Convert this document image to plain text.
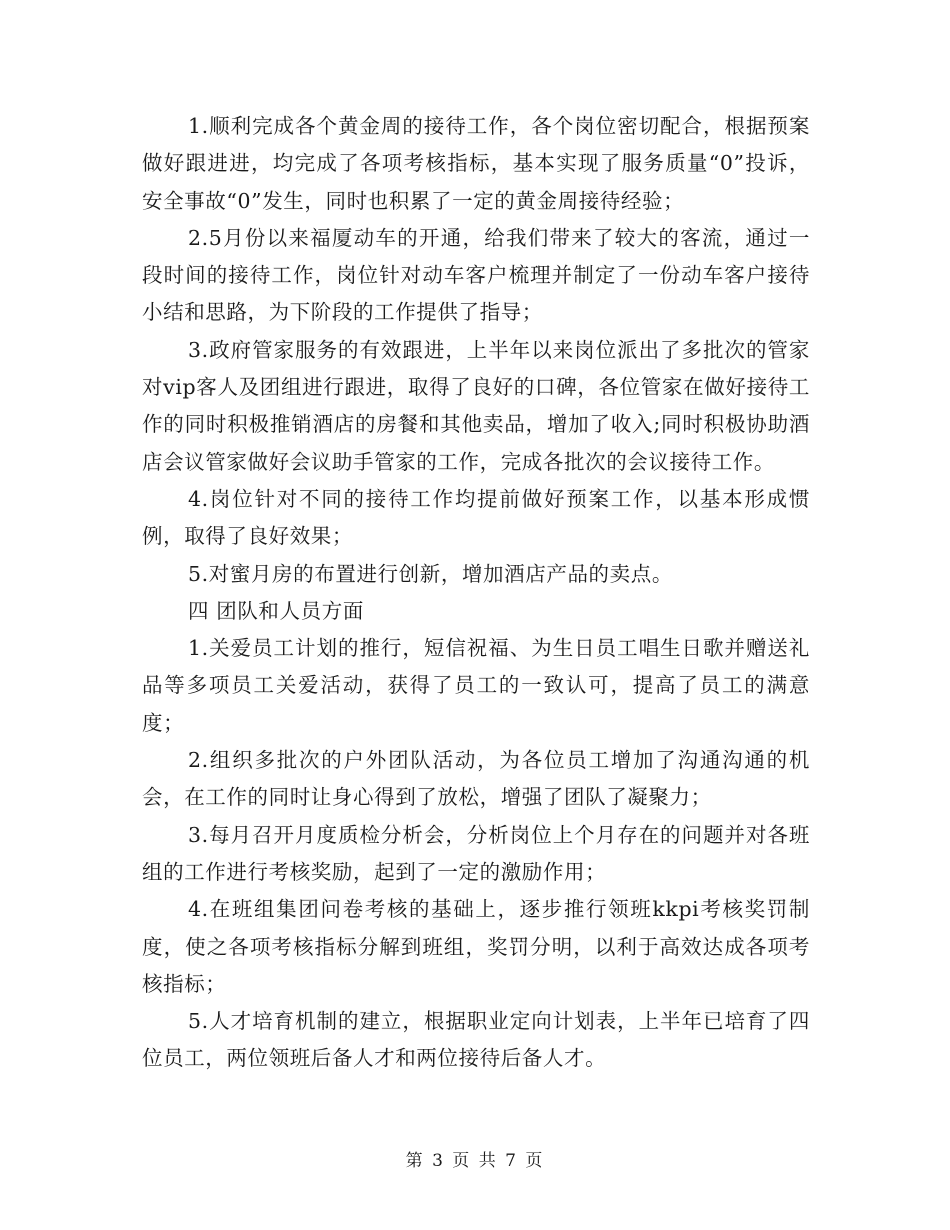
1.顺利完成各个黄金周的接待工作，各个岗位密切配合，根据预案做好跟进进，均完成了各项考核指标，基本实现了服务质量“0”投诉，安全事故“0”发生，同时也积累了一定的黄金周接待经验；

2.5月份以来福厦动车的开通，给我们带来了较大的客流，通过一段时间的接待工作，岗位针对动车客户梳理并制定了一份动车客户接待小结和思路，为下阶段的工作提供了指导；

3.政府管家服务的有效跟进，上半年以来岗位派出了多批次的管家对vip客人及团组进行跟进，取得了良好的口碑，各位管家在做好接待工作的同时积极推销酒店的房餐和其他卖品，增加了收入;同时积极协助酒店会议管家做好会议助手管家的工作，完成各批次的会议接待工作。

4.岗位针对不同的接待工作均提前做好预案工作，以基本形成惯例，取得了良好效果；

5.对蜜月房的布置进行创新，增加酒店产品的卖点。

四 团队和人员方面

1.关爱员工计划的推行，短信祝福、为生日员工唱生日歌并赠送礼品等多项员工关爱活动，获得了员工的一致认可，提高了员工的满意度；

2.组织多批次的户外团队活动，为各位员工增加了沟通沟通的机会，在工作的同时让身心得到了放松，增强了团队了凝聚力；

3.每月召开月度质检分析会，分析岗位上个月存在的问题并对各班组的工作进行考核奖励，起到了一定的激励作用；

4.在班组集团问卷考核的基础上，逐步推行领班kkpi考核奖罚制度，使之各项考核指标分解到班组，奖罚分明，以利于高效达成各项考核指标；

5.人才培育机制的建立，根据职业定向计划表，上半年已培育了四位员工，两位领班后备人才和两位接待后备人才。

第 3 页 共 7 页
